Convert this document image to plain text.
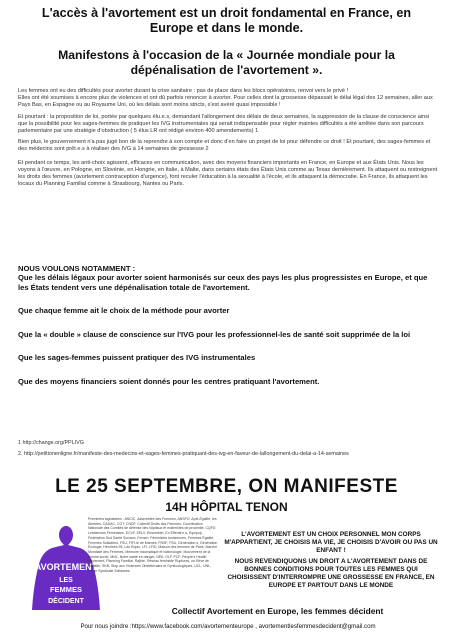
L'accès à l'avortement est un droit fondamental en France, en
Europe et dans le monde.
Manifestons à l'occasion de la « Journée mondiale pour la
dépénalisation de l'avortement ».

Les femmes ont eu des difficultés pour avorter durant la crise sanitaire : pas de place dans les blocs opératoires, renvoi vers le privé !

Elles ont été soumises à encore plus de violences et ont dû parfois renoncer à avorter. Pour celles dont la grossesse dépassait le délai légal des 12 semaines, aller aux Pays Bas, en Espagne ou au Royaume Uni, où les délais sont moins stricts, s'est avéré quasi impossible !

Et pourtant : la proposition de loi, portée par quelques élu.e.s, demandant l'allongement des délais de deux semaines, la suppression de la clause de conscience ainsi que la possibilité pour les sages-femmes de pratiquer les IVG instrumentales qui serait indispensable pour régler maintes difficultés a été arrêtée dans son parcours parlementaire par une stratégie d'obstruction ( 5 élus LR ont rédigé environ 400 amendements) 1

Bien plus, le gouvernement n'a pas jugé bon de la reprendre à son compte et donc d'en faire un projet de loi pour défendre ce droit ! Et pourtant, des sages-femmes et des médecins sont prêt.e.s à réaliser des IVG à 14 semaines de grossesse 2

Et pendant ce temps, les anti-choix agissent, efficaces en communication, avec des moyens financiers importants en France, en Europe et aux États Unis. Nous les voyons à l'œuvre, en Pologne, en Slovénie, en Hongrie, en Italie, à Malte, dans certains états des États Unis comme au Texas dernièrement. Ils attaquent ou restreignent les droits des femmes (avortement contraception d'urgence), font reculer l'éducation à la sexualité à l'école, et ils attaquent la démocratie. En France, ils attaquent les locaux du Planning Familial comme à Strasbourg, Nantes ou Paris.

NOUS VOULONS NOTAMMENT :

Que les délais légaux pour avorter soient harmonisés sur ceux des pays les plus progressistes en Europe, et que les États tendent vers une dépénalisation totale de l'avortement.

Que chaque femme ait le choix de la méthode pour avorter

Que la « double » clause de conscience sur l'IVG pour les professionnel-les de santé soit supprimée de la loi

Que les sages-femmes puissent pratiquer des IVG instrumentales

Que des moyens financiers soient donnés pour les centres pratiquant l'avortement.

1 http://change.org/PPLIVG

2. http://petitionenligne.fr/manifeste-des-medecins-et-sages-femmes-pratiquant-des-ivg-en-faveur-de-lallongement-du-delai-a-14-semaines

LE 25 SEPTEMBRE, ON MANIFESTE
14H HÔPITAL TENON
AVORTEMENT
LES
FEMMES
DÉCIDENT
Premières signataires : ANCIC, Assemblée des Femmes, ANSFO, Apel-Égalité, les Alertées, CADAC, CGT, CNDF, Collectif Droits des Femmes, Coordination Nationale des Comités de défense des hôpitaux et maternités de proximité, CQFD Lesbiennes Féministes, ECVF, EELV, Ensemble!, En Effectif.e.s, Equipop, Fédération Sud Santé Sociaux, Femen, Féministes tunisiennes, Femmes Égalité, Femmes Solidaires, FSU, FIFI-le de Marnes, FNSF, FSU, Génération.s, Génération Écologie, Héroïnes 95, Las Rojas, LFI, LFID, Maison des femmes de Paris, Marche Mondiale des Femmes, Mémoire traumatique et victimologie, Mouvement de la femme kurde, MNL, Notre santé en danger, NPA, OLF, PCF, People's Health Movement, Planning Familial, Rajfire, Réseau féministe Ruptures, un Rêve de Parfaite, SKB, Stop aux Violences Obstétricales et Gynécologiques, UCL, UNL, Union Syndicale Solidaires

L'AVORTEMENT EST UN CHOIX PERSONNEL MON CORPS M'APPARTIENT, JE CHOISIS MA VIE, JE CHOISIS D'AVOIR OU PAS UN ENFANT !

NOUS REVENDIQUONS UN DROIT A L'AVORTEMENT DANS DE BONNES CONDITIONS POUR TOUTES LES FEMMES QUI CHOISISSENT D'INTERROMPRE UNE GROSSESSE EN FRANCE, EN EUROPE ET PARTOUT DANS LE MONDE

Collectif Avortement en Europe, les femmes décident
Pour nous joindre :https://www.facebook.com/avortementeurope , avortementlesfemmesdecident@gmail.com
